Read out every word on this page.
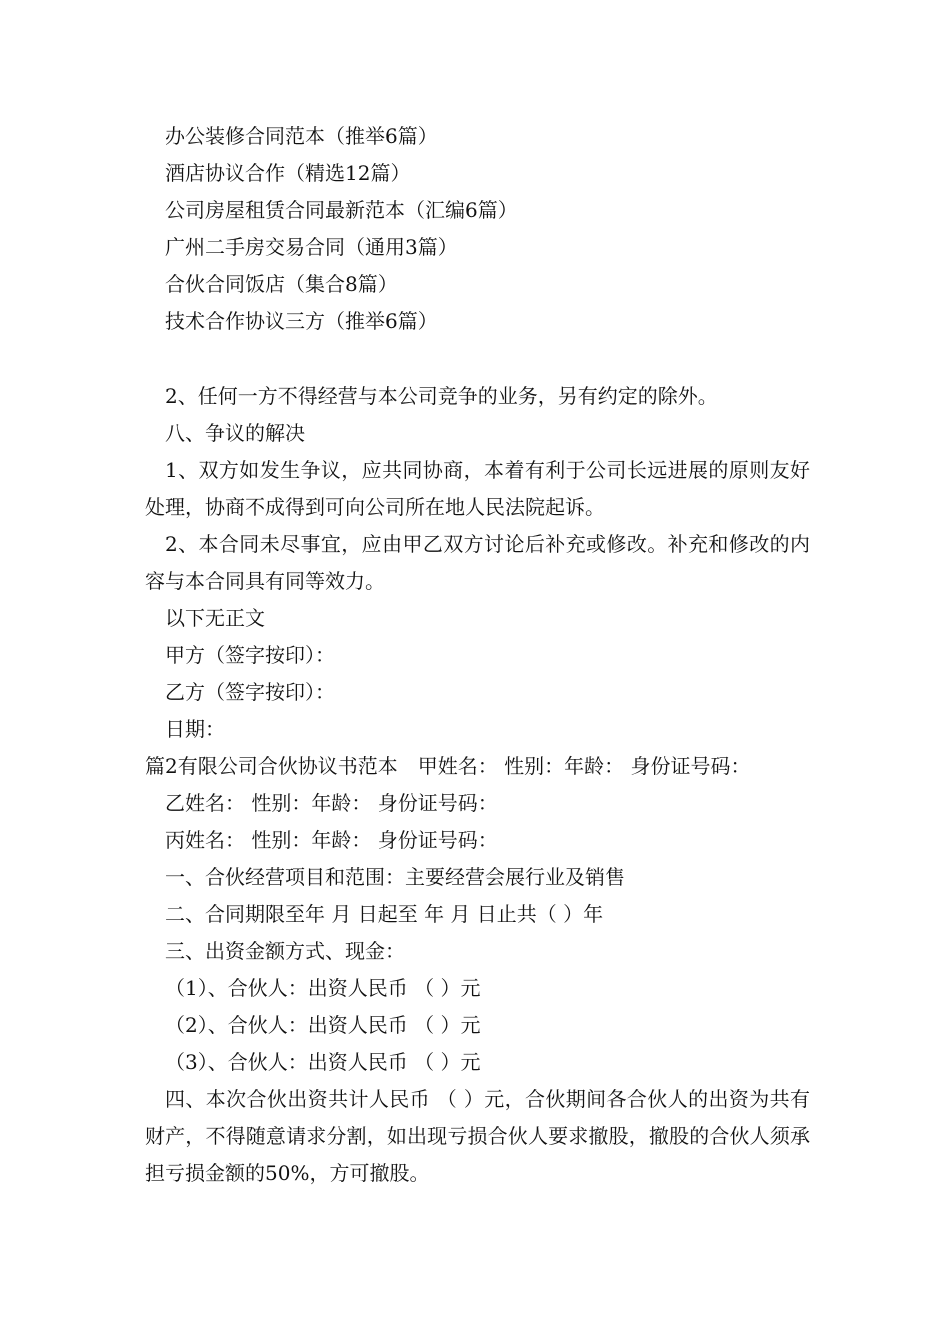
办公装修合同范本（推举6篇）
酒店协议合作（精选12篇）
公司房屋租赁合同最新范本（汇编6篇）
广州二手房交易合同（通用3篇）
合伙合同饭店（集合8篇）
技术合作协议三方（推举6篇）

2、任何一方不得经营与本公司竞争的业务，另有约定的除外。

八、争议的解决

1、双方如发生争议，应共同协商，本着有利于公司长远进展的原则友好处理，协商不成得到可向公司所在地人民法院起诉。

2、本合同未尽事宜，应由甲乙双方讨论后补充或修改。补充和修改的内容与本合同具有同等效力。

以下无正文

甲方（签字按印）：

乙方（签字按印）：

日期：

篇2有限公司合伙协议书范本　甲姓名： 性别：年龄： 身份证号码：

乙姓名： 性别：年龄： 身份证号码：

丙姓名： 性别：年龄： 身份证号码：

一、合伙经营项目和范围：主要经营会展行业及销售

二、合同期限至年 月 日起至 年 月 日止共（ ）年

三、出资金额方式、现金：

（1）、合伙人：出资人民币 （ ）元

（2）、合伙人：出资人民币 （ ）元

（3）、合伙人：出资人民币 （ ）元

四、本次合伙出资共计人民币 （ ）元，合伙期间各合伙人的出资为共有财产，不得随意请求分割，如出现亏损合伙人要求撤股，撤股的合伙人须承担亏损金额的50%，方可撤股。
